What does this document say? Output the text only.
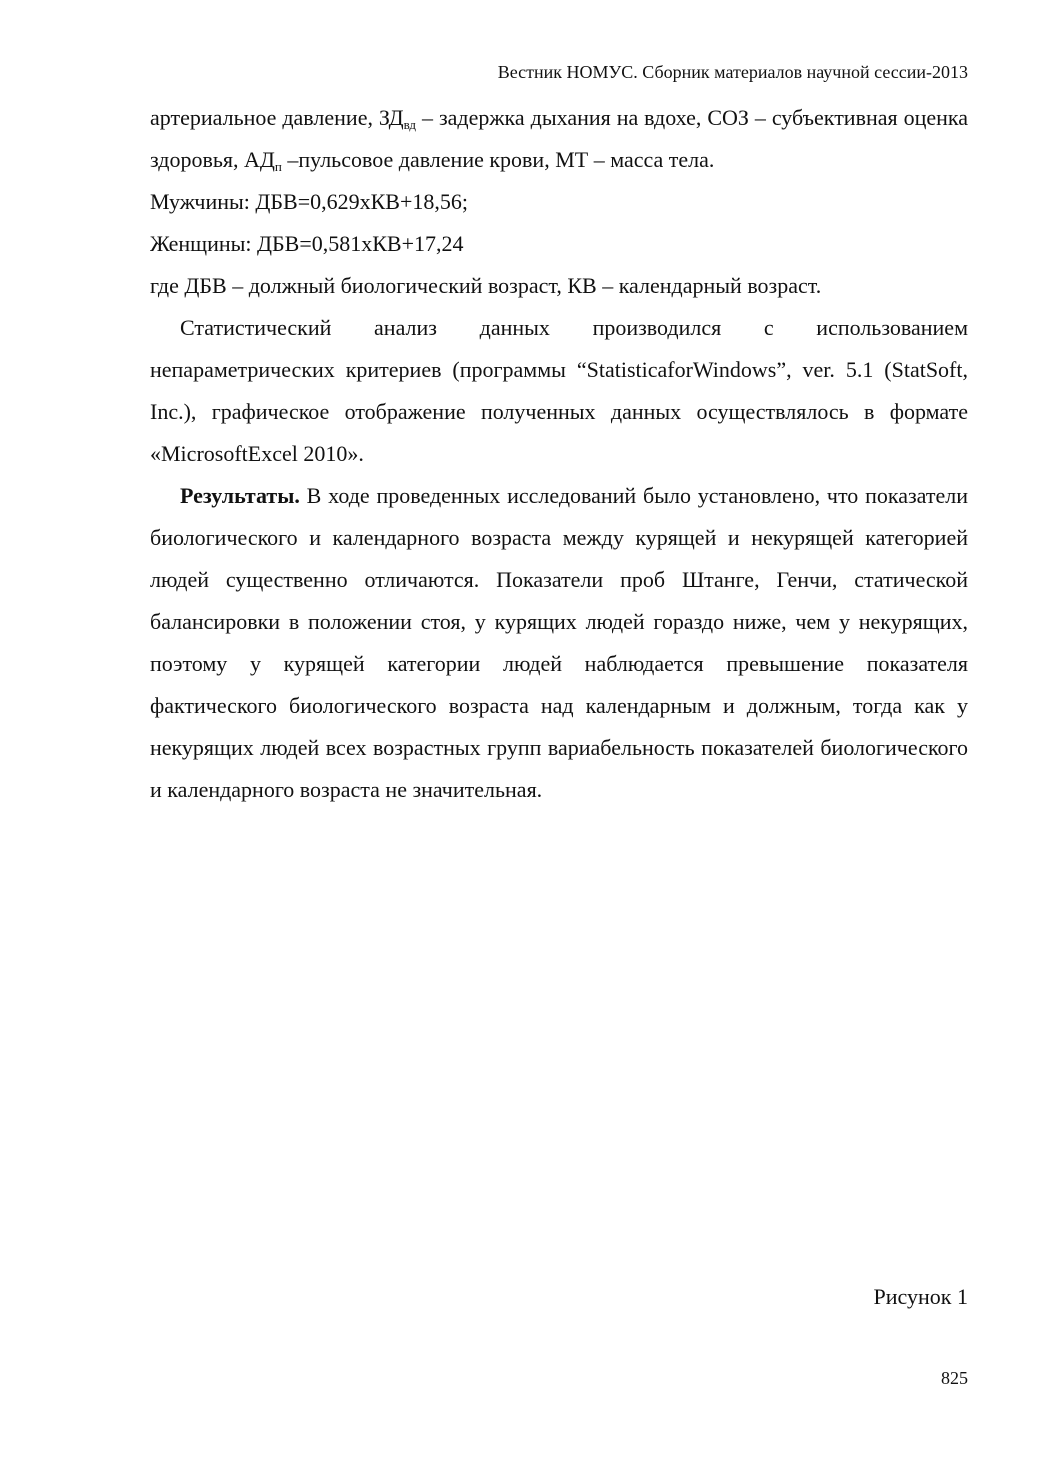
Вестник НОМУС. Сборник материалов научной сессии-2013

артериальное давление, $ЗД_{вд}$ – задержка дыхания на вдохе, СОЗ – субъективная оценка здоровья, $АД_п$ –пульсовое давление крови, МТ – масса тела.

Мужчины: ДБВ=0,629хКВ+18,56;

Женщины: ДБВ=0,581хКВ+17,24

где ДБВ – должный биологический возраст, КВ – календарный возраст.

Статистический анализ данных производился с использованием непараметрических критериев (программы “StatisticaforWindows”, ver. 5.1 (StatSoft, Inc.), графическое отображение полученных данных осуществлялось в формате «MicrosoftExcel 2010».

Результаты. В ходе проведенных исследований было установлено, что показатели биологического и календарного возраста между курящей и некурящей категорией людей существенно отличаются. Показатели проб Штанге, Генчи, статической балансировки в положении стоя, у курящих людей гораздо ниже, чем у некурящих, поэтому у курящей категории людей наблюдается превышение показателя фактического биологического возраста над календарным и должным, тогда как у некурящих людей всех возрастных групп вариабельность показателей биологического и календарного возраста не значительная.

Рисунок 1
825
